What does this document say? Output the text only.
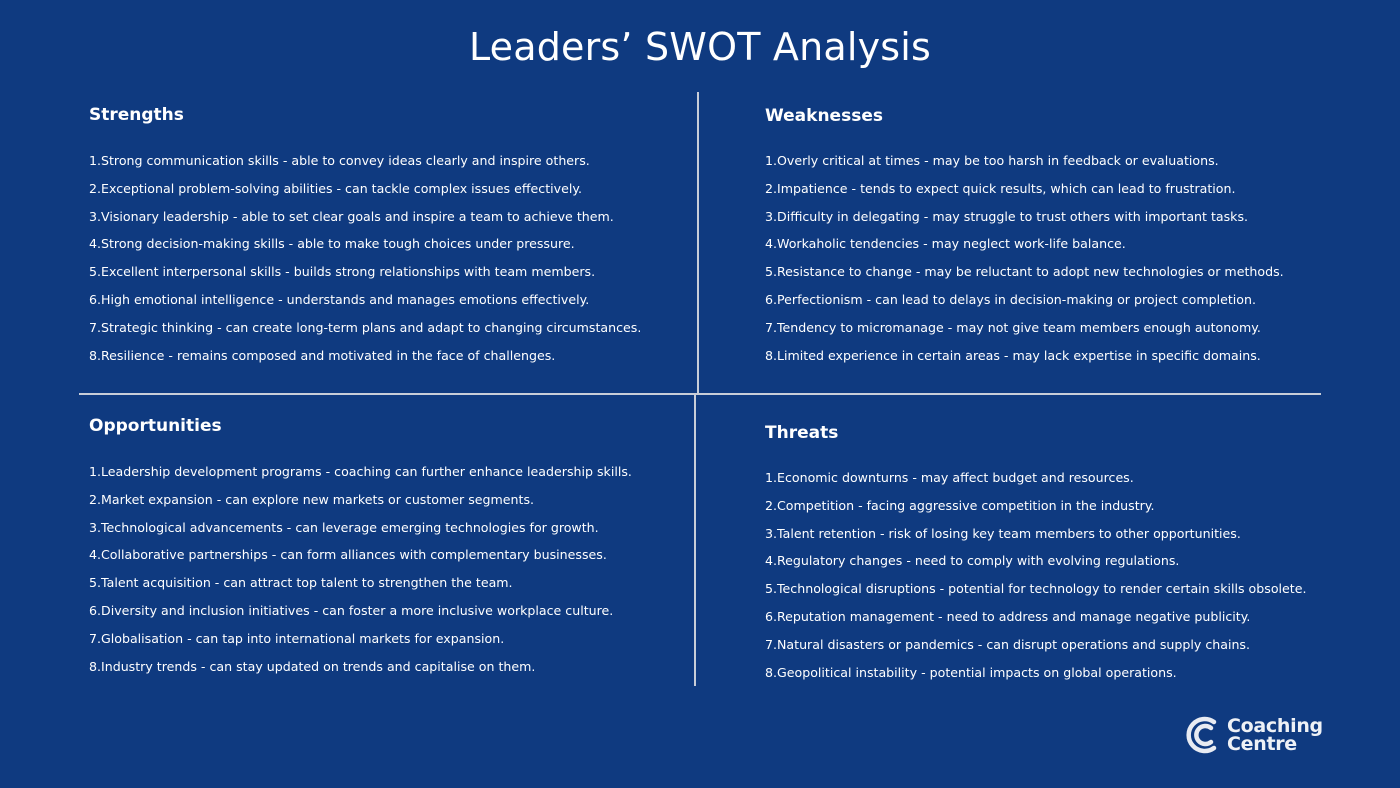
Leaders’ SWOT Analysis
Strengths
1. Strong communication skills - able to convey ideas clearly and inspire others.
2. Exceptional problem-solving abilities - can tackle complex issues effectively.
3. Visionary leadership - able to set clear goals and inspire a team to achieve them.
4. Strong decision-making skills - able to make tough choices under pressure.
5. Excellent interpersonal skills - builds strong relationships with team members.
6. High emotional intelligence - understands and manages emotions effectively.
7. Strategic thinking - can create long-term plans and adapt to changing circumstances.
8. Resilience - remains composed and motivated in the face of challenges.
Weaknesses
1. Overly critical at times - may be too harsh in feedback or evaluations.
2. Impatience - tends to expect quick results, which can lead to frustration.
3. Difficulty in delegating - may struggle to trust others with important tasks.
4. Workaholic tendencies - may neglect work-life balance.
5. Resistance to change - may be reluctant to adopt new technologies or methods.
6. Perfectionism - can lead to delays in decision-making or project completion.
7. Tendency to micromanage - may not give team members enough autonomy.
8. Limited experience in certain areas - may lack expertise in specific domains.
Opportunities
1. Leadership development programs - coaching can further enhance leadership skills.
2. Market expansion - can explore new markets or customer segments.
3. Technological advancements - can leverage emerging technologies for growth.
4. Collaborative partnerships - can form alliances with complementary businesses.
5. Talent acquisition - can attract top talent to strengthen the team.
6. Diversity and inclusion initiatives - can foster a more inclusive workplace culture.
7. Globalisation - can tap into international markets for expansion.
8. Industry trends - can stay updated on trends and capitalise on them.
Threats
1. Economic downturns - may affect budget and resources.
2. Competition - facing aggressive competition in the industry.
3. Talent retention - risk of losing key team members to other opportunities.
4. Regulatory changes - need to comply with evolving regulations.
5. Technological disruptions - potential for technology to render certain skills obsolete.
6. Reputation management - need to address and manage negative publicity.
7. Natural disasters or pandemics - can disrupt operations and supply chains.
8. Geopolitical instability - potential impacts on global operations.
Coaching
Centre
